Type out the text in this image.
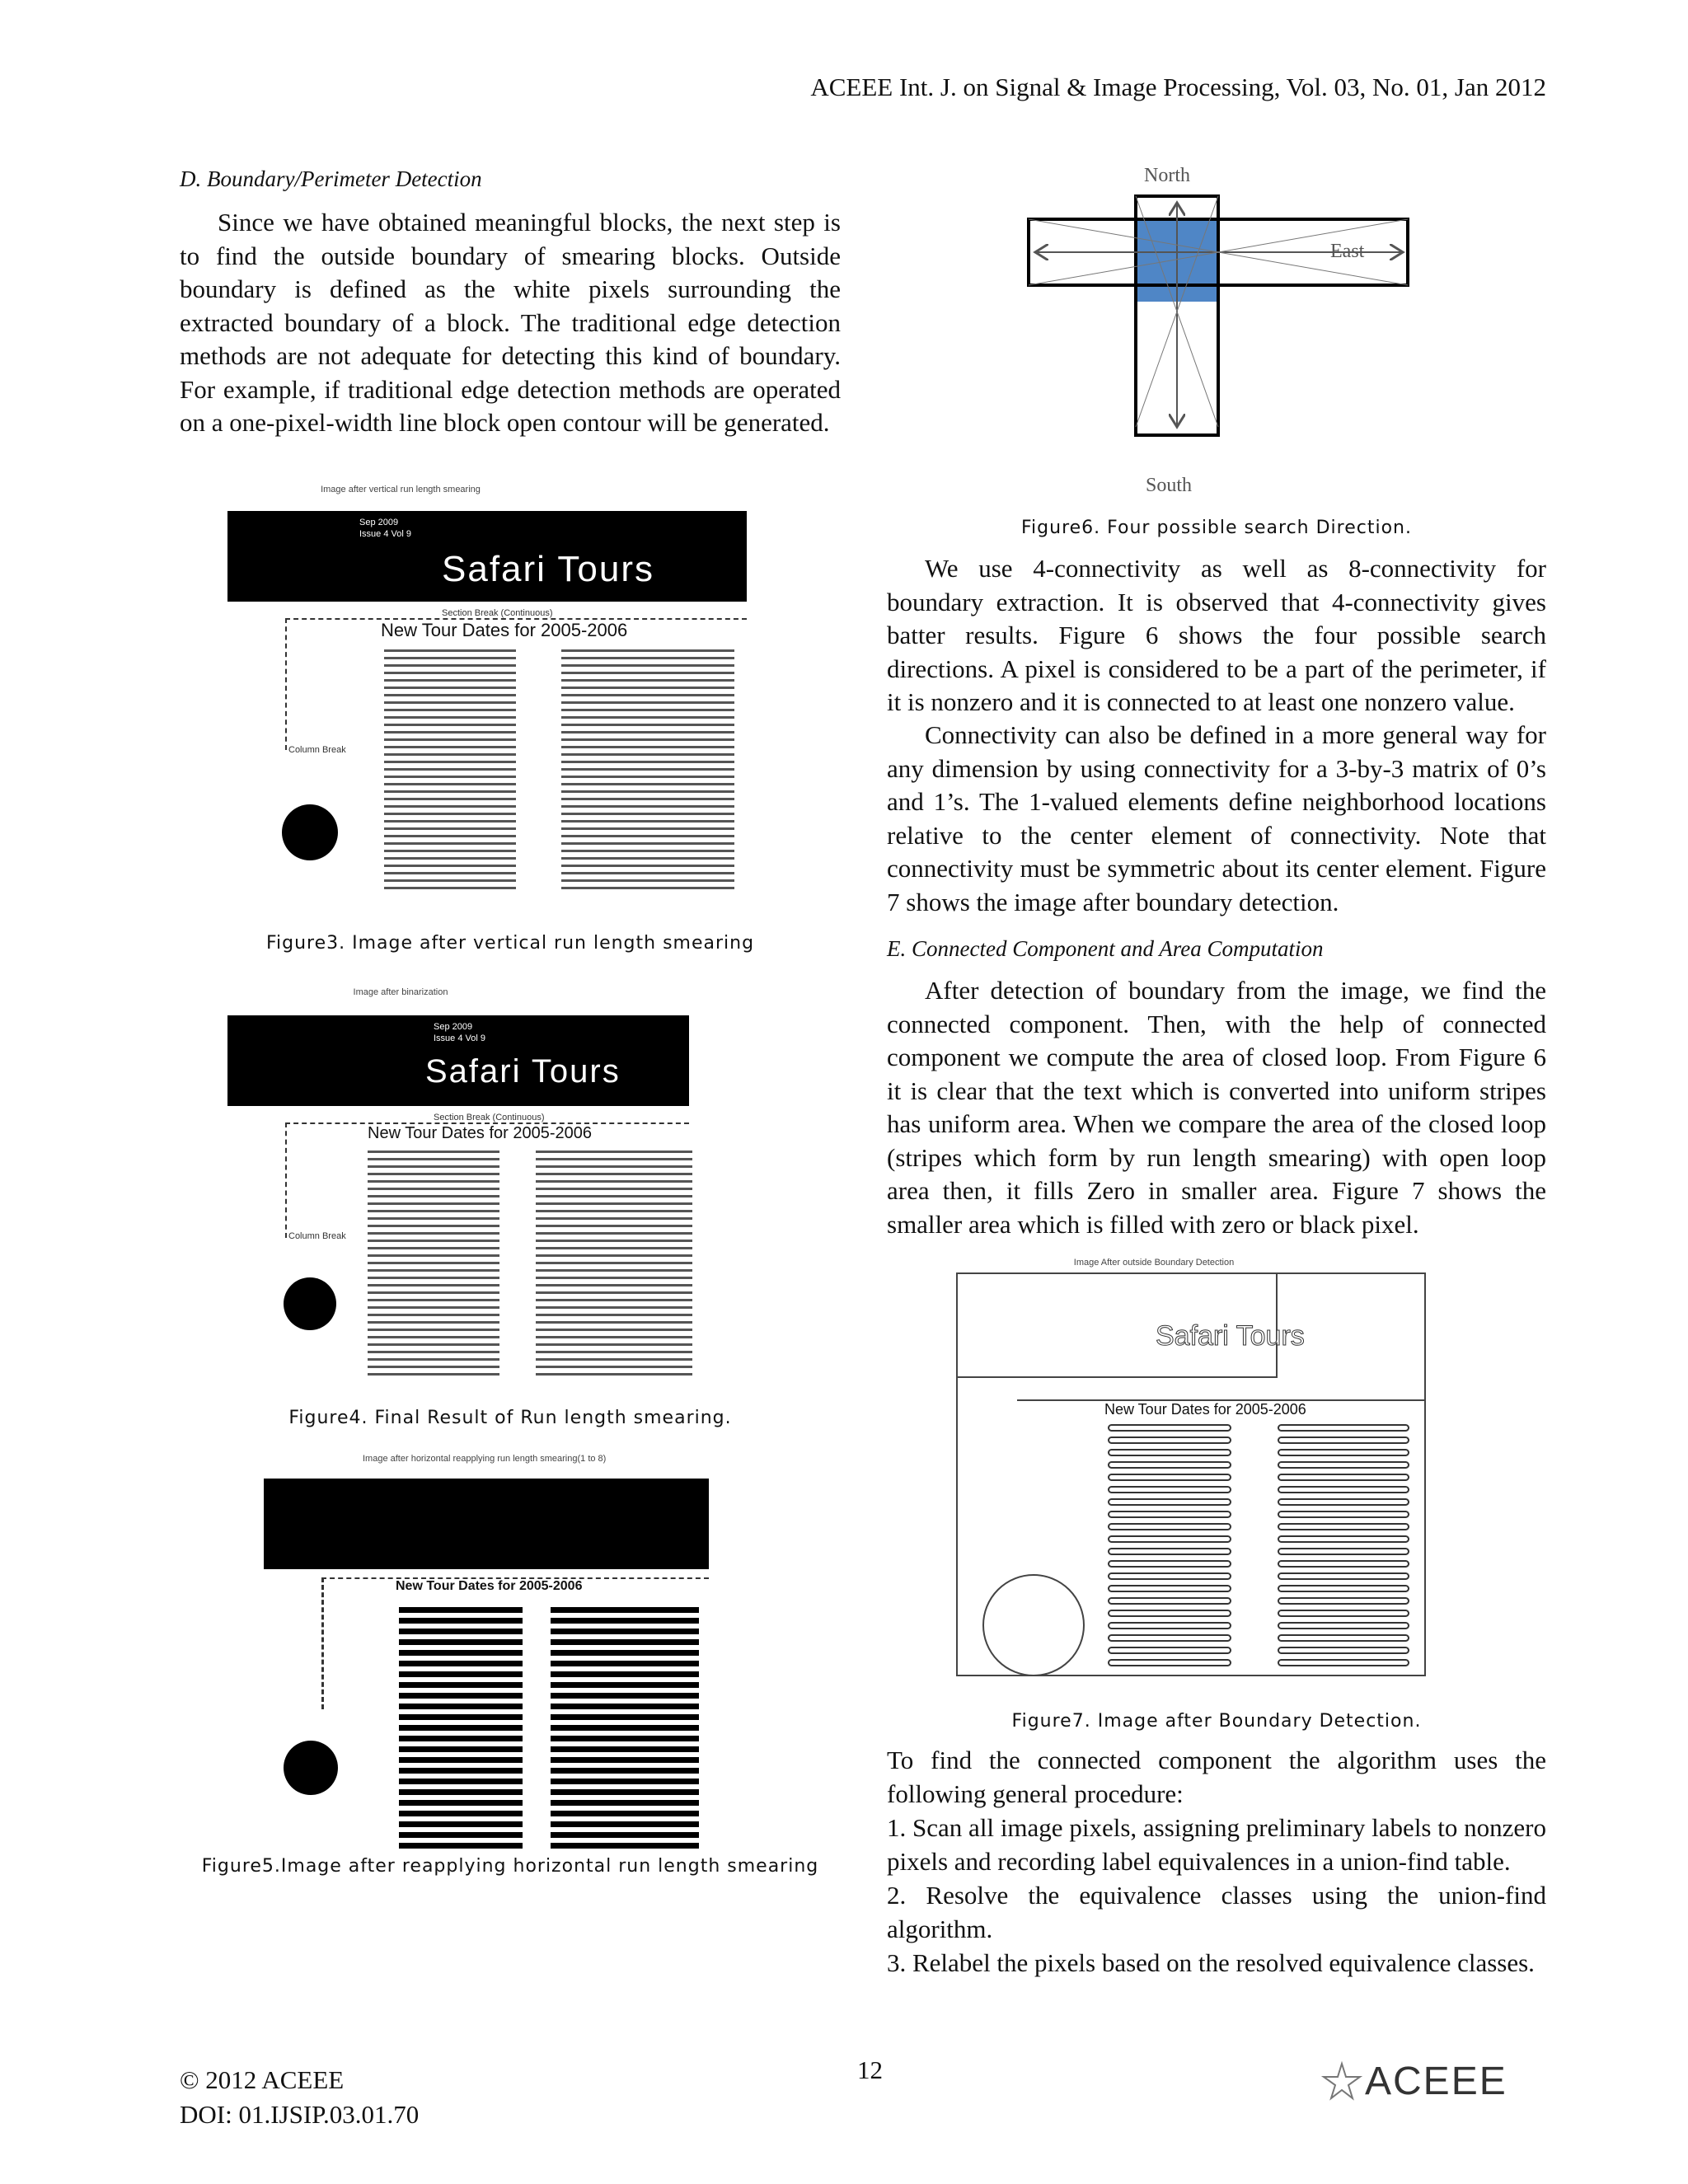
ACEEE Int. J. on Signal & Image Processing, Vol. 03, No. 01, Jan 2012
D. Boundary/Perimeter Detection
Since we have obtained meaningful blocks, the next step is to find the outside boundary of smearing blocks. Outside boundary is defined as the white pixels surrounding the extracted boundary of a block. The traditional edge detection methods are not adequate for detecting this kind of boundary. For example, if traditional edge detection methods are operated on a one-pixel-width line block open contour will be generated.
Image after vertical run length smearing
Sep 2009
Issue 4 Vol 9
Safari Tours
Section Break (Continuous)
Column Break
New Tour Dates for 2005-2006
Figure3. Image after vertical run length smearing
Image after binarization
Sep 2009
Issue 4 Vol 9
Safari Tours
Section Break (Continuous)
Column Break
New Tour Dates for 2005-2006
Figure4. Final Result of Run length smearing.
Image after horizontal reapplying run length smearing(1 to 8)
New Tour Dates for 2005-2006
Figure5.Image after reapplying horizontal run length smearing
North
South
East
Figure6. Four possible search Direction.
We use 4-connectivity as well as 8-connectivity for boundary extraction. It is observed that 4-connectivity gives batter results. Figure 6 shows the four possible search directions. A pixel is considered to be a part of the perimeter, if it is nonzero and it is connected to at least one nonzero value.
Connectivity can also be defined in a more general way for any dimension by using connectivity for a 3-by-3 matrix of 0’s and 1’s. The 1-valued elements define neighborhood locations relative to the center element of connectivity. Note that connectivity must be symmetric about its center element. Figure 7 shows the image after boundary detection.
E. Connected Component and Area Computation
After detection of boundary from the image, we find the connected component. Then, with the help of connected component we compute the area of closed loop. From Figure 6 it is clear that the text which is converted into uniform stripes has uniform area. When we compare the area of the closed loop (stripes which form by run length smearing) with open loop area then, it fills Zero in smaller area. Figure 7 shows the smaller area which is filled with zero or black pixel.
Image After outside Boundary Detection
Safari Tours
New Tour Dates for 2005-2006
Figure7. Image after Boundary Detection.
To find the connected component the algorithm uses the following general procedure:
1. Scan all image pixels, assigning preliminary labels to nonzero pixels and recording label equivalences in a union-find table.
2. Resolve the equivalence classes using the union-find algorithm.
3. Relabel the pixels based on the resolved equivalence classes.
© 2012 ACEEE
DOI: 01.IJSIP.03.01.70
12	ACEEE
